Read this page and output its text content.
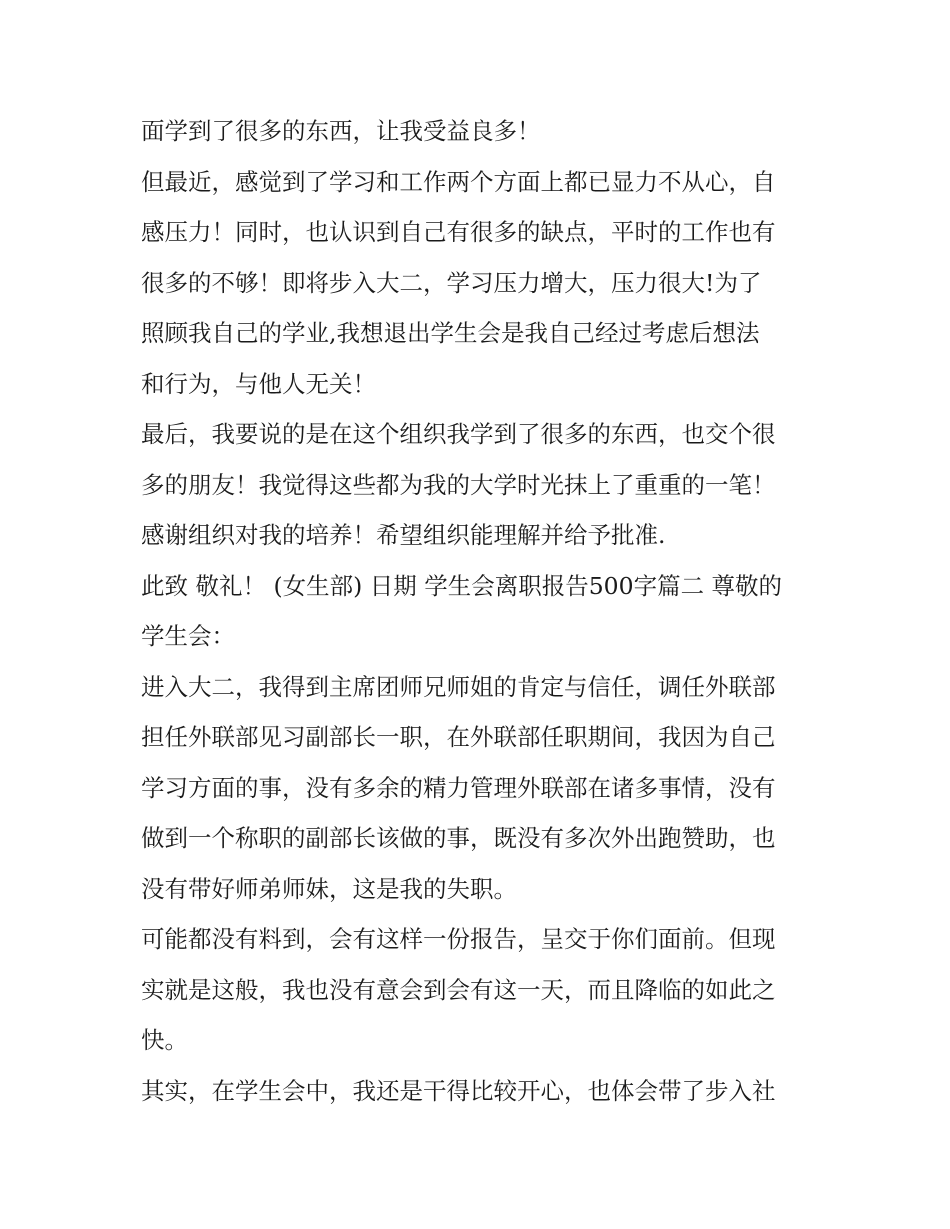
面学到了很多的东西，让我受益良多！
但最近，感觉到了学习和工作两个方面上都已显力不从心，自
感压力！同时，也认识到自己有很多的缺点，平时的工作也有
很多的不够！即将步入大二，学习压力增大，压力很大!为了
照顾我自己的学业,我想退出学生会是我自己经过考虑后想法
和行为，与他人无关！
最后，我要说的是在这个组织我学到了很多的东西，也交个很
多的朋友！我觉得这些都为我的大学时光抹上了重重的一笔！
感谢组织对我的培养！希望组织能理解并给予批准.
此致 敬礼！ (女生部) 日期 学生会离职报告500字篇二 尊敬的
学生会：
进入大二，我得到主席团师兄师姐的肯定与信任，调任外联部
担任外联部见习副部长一职，在外联部任职期间，我因为自己
学习方面的事，没有多余的精力管理外联部在诸多事情，没有
做到一个称职的副部长该做的事，既没有多次外出跑赞助，也
没有带好师弟师妹，这是我的失职。
可能都没有料到，会有这样一份报告，呈交于你们面前。但现
实就是这般，我也没有意会到会有这一天，而且降临的如此之
快。
其实，在学生会中，我还是干得比较开心，也体会带了步入社
